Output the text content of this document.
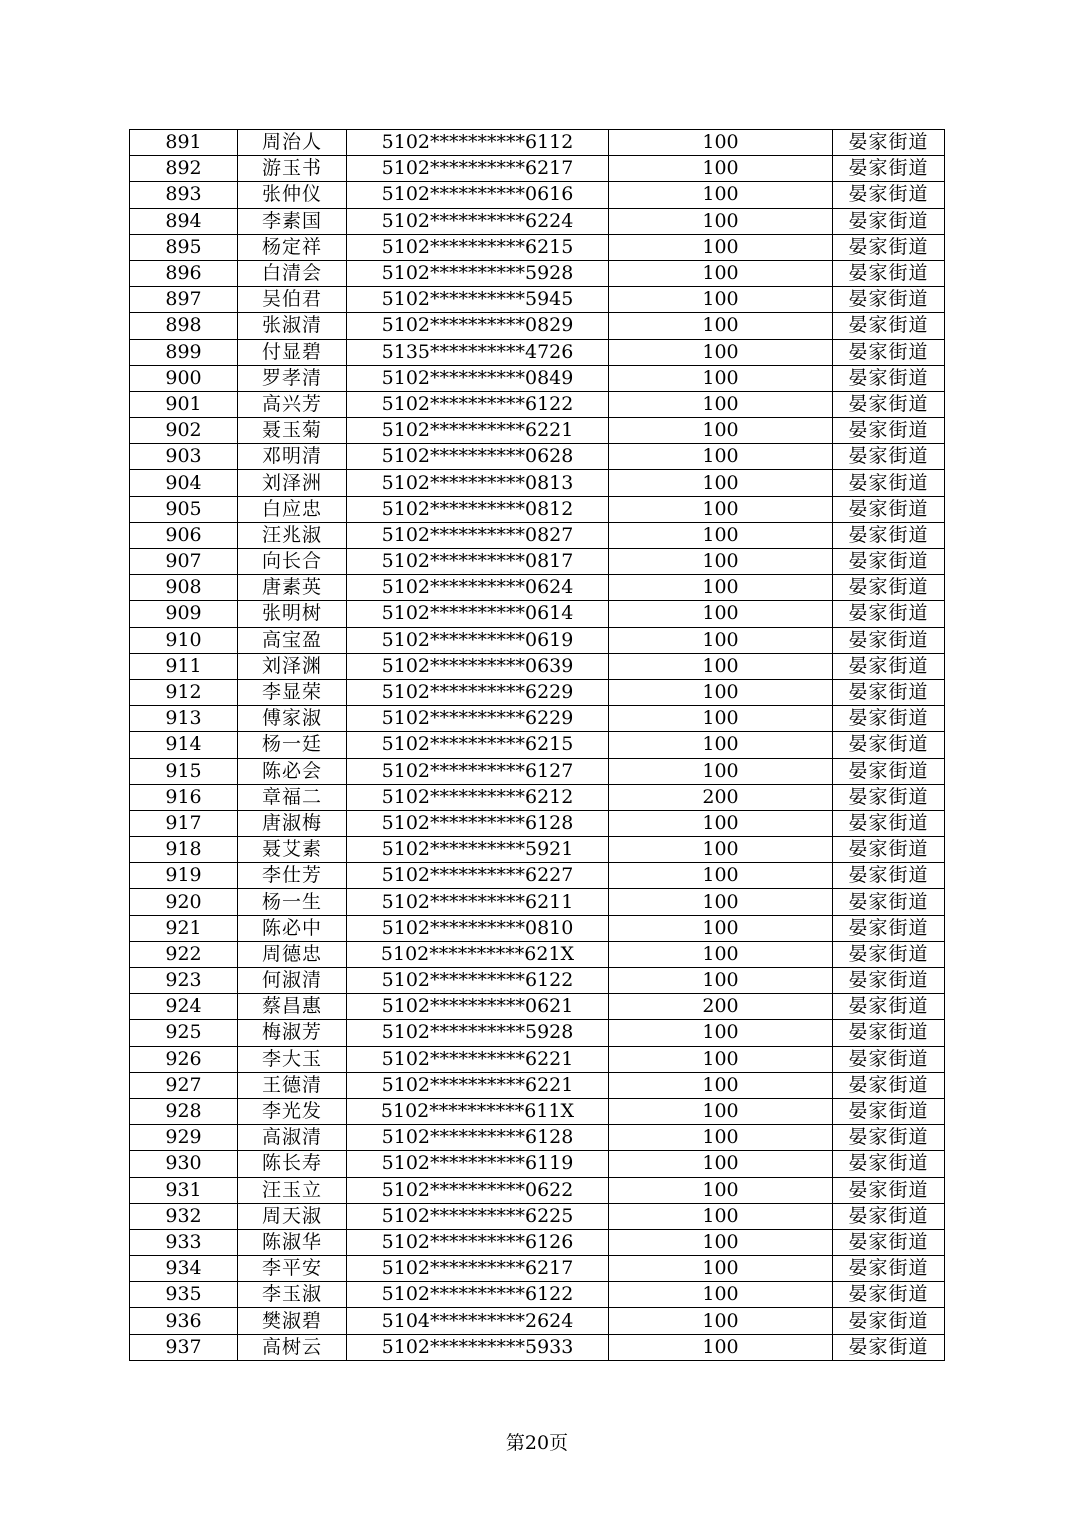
891	周治人	5102**********6112	100	晏家街道
892	游玉书	5102**********6217	100	晏家街道
893	张仲仪	5102**********0616	100	晏家街道
894	李素国	5102**********6224	100	晏家街道
895	杨定祥	5102**********6215	100	晏家街道
896	白清会	5102**********5928	100	晏家街道
897	吴伯君	5102**********5945	100	晏家街道
898	张淑清	5102**********0829	100	晏家街道
899	付显碧	5135**********4726	100	晏家街道
900	罗孝清	5102**********0849	100	晏家街道
901	高兴芳	5102**********6122	100	晏家街道
902	聂玉菊	5102**********6221	100	晏家街道
903	邓明清	5102**********0628	100	晏家街道
904	刘泽洲	5102**********0813	100	晏家街道
905	白应忠	5102**********0812	100	晏家街道
906	汪兆淑	5102**********0827	100	晏家街道
907	向长合	5102**********0817	100	晏家街道
908	唐素英	5102**********0624	100	晏家街道
909	张明树	5102**********0614	100	晏家街道
910	高宝盈	5102**********0619	100	晏家街道
911	刘泽渊	5102**********0639	100	晏家街道
912	李显荣	5102**********6229	100	晏家街道
913	傅家淑	5102**********6229	100	晏家街道
914	杨一廷	5102**********6215	100	晏家街道
915	陈必会	5102**********6127	100	晏家街道
916	章福二	5102**********6212	200	晏家街道
917	唐淑梅	5102**********6128	100	晏家街道
918	聂艾素	5102**********5921	100	晏家街道
919	李仕芳	5102**********6227	100	晏家街道
920	杨一生	5102**********6211	100	晏家街道
921	陈必中	5102**********0810	100	晏家街道
922	周德忠	5102**********621X	100	晏家街道
923	何淑清	5102**********6122	100	晏家街道
924	蔡昌惠	5102**********0621	200	晏家街道
925	梅淑芳	5102**********5928	100	晏家街道
926	李大玉	5102**********6221	100	晏家街道
927	王德清	5102**********6221	100	晏家街道
928	李光发	5102**********611X	100	晏家街道
929	高淑清	5102**********6128	100	晏家街道
930	陈长寿	5102**********6119	100	晏家街道
931	汪玉立	5102**********0622	100	晏家街道
932	周天淑	5102**********6225	100	晏家街道
933	陈淑华	5102**********6126	100	晏家街道
934	李平安	5102**********6217	100	晏家街道
935	李玉淑	5102**********6122	100	晏家街道
936	樊淑碧	5104**********2624	100	晏家街道
937	高树云	5102**********5933	100	晏家街道
第20页
